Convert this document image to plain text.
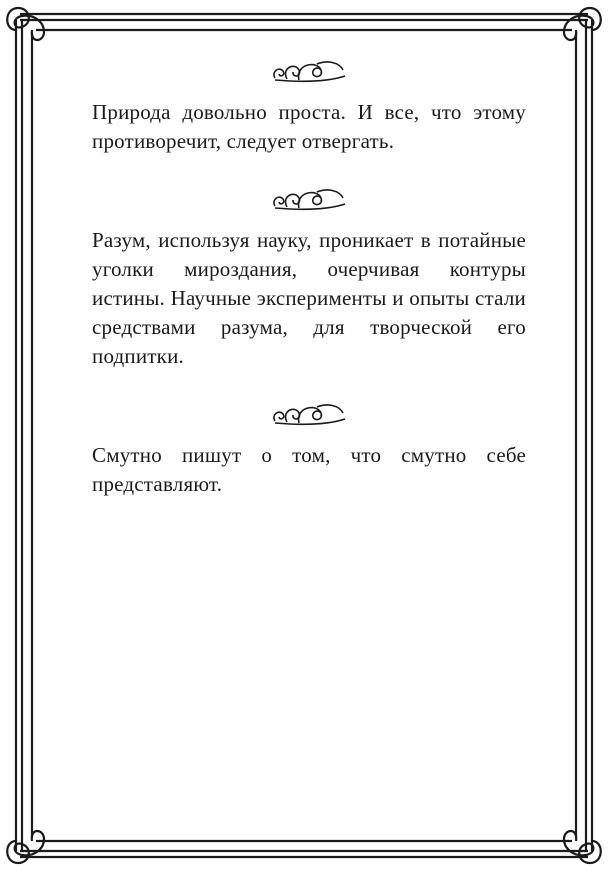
Природа довольно проста. И все, что этому противоречит, следует отвергать.

Разум, используя науку, проникает в потайные уголки мироздания, очерчивая контуры истины. Научные эксперименты и опыты стали средствами разума, для творческой его подпитки.

Смутно пишут о том, что смутно себе представляют.
